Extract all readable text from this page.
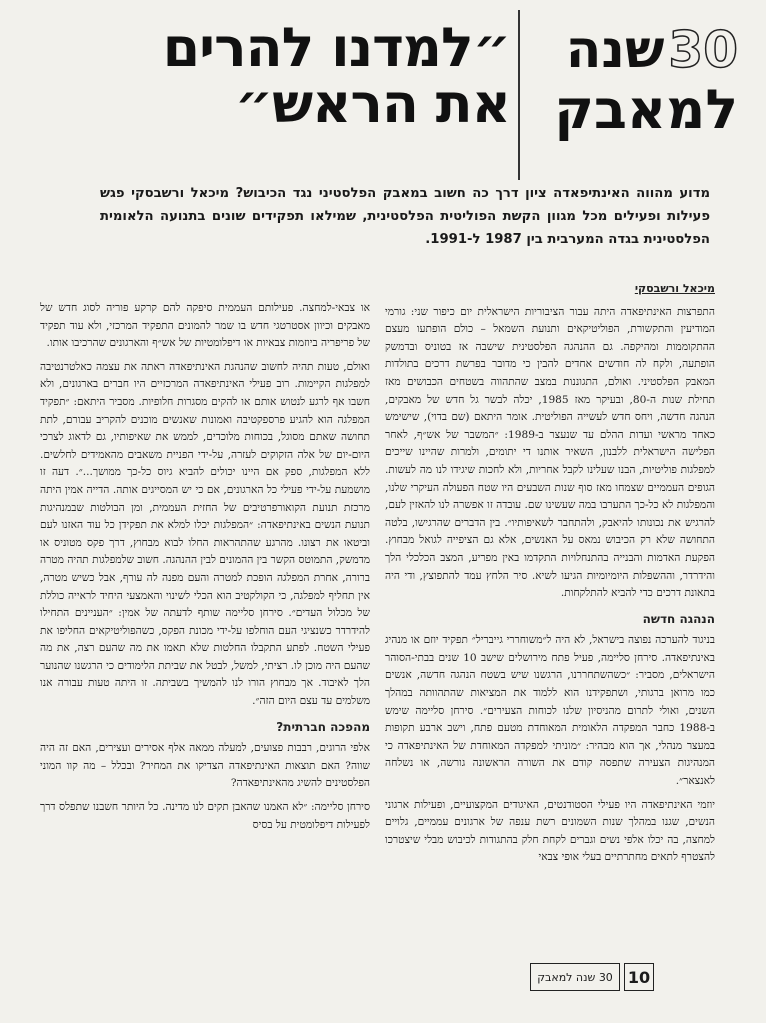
״למדנו להרים
את הראש״
שנה 30
למאבק
מדוע מהווה האינתיפאדה ציון דרך כה חשוב במאבק הפלסטיני נגד הכיבוש? מיכאל ורשבסקי פגש פעילות ופעילים מכל מגוון הקשת הפוליטית הפלסטינית, שמילאו תפקידים שונים בתנועה הלאומית הפלסטינית בגדה המערבית בין 1987 ל-1991.
מיכאל ורשבסקי

התפרצות האינתיפאדה היתה עבור הציבוריות הישראלית יום כיפור שני: גורמי המודיעין והתקשורת, הפוליטיקאים ותנועת השמאל – כולם הופתעו מעצם ההתקוממות ומהיקפה. גם ההנהגה הפלסטינית שישבה אז בטוניס ובדמשק הופתעה, ולקח לה חודשים אחדים להבין כי מדובר בפרשת דרכים בתולדות המאבק הפלסטיני. ואולם, התגוננות במצב שהתהווה בשטחים הכבושים מאז תחילת שנות ה-80, ובעיקר מאז 1985, יכלה לבשר גל חדש של מאבקים, הנהגה חדשה, ויחס חדש לעשייה הפוליטית. אומר היתאם (שם בדוי), שישימש כאחד מראשי ועדות ההלם עד שנעצר ב-1989: ״המשבר של אש״ף, לאחר הפלישה הישראלית ללבנון, השאיר אותנו די יתומים, ולמרות שהיינו שייכים למפלגות פוליטיות, הבנו שעלינו לקבל אחריות, ולא לחכות שיגידו לנו מה לעשות. הגופים העממיים שצמחו מאז סוף שנות השבעים היו שטח הפעולה העיקרי שלנו, והמפלגות לא כל-כך התערבו במה שעשינו שם. עובדה זו אפשרה לנו להאזין לעם, להרגיש את נכונותו להיאבק, ולהתחבר לשאיפותיו״. בין הדברים שהרגישו, בלטה התחושה שלא רק הכיבוש נמאס על האנשים, אלא גם הציפייה לגואל מבחוץ. הפקעת האדמות והבנייה בהתנחלויות התקדמו באין מפריע, המצב הכלכלי הלך והידרדר, וההשפלות היומיומיות הגיעו לשיא. סיר הלחץ עמד להתפוצץ, ודי היה בתאונת דרכים כדי להביא להתלקחות.

הנהגה חדשה

בניגוד להערכה נפוצה בישראל, לא היה ל״משוחררי גייבריל״ תפקיד יוזם או מנהיג באינתיפאדה. סירחן סליימה, פעיל פתח מירושלים שישב 10 שנים בבתי-הסוהר הישראלים, מסביר: ״כשהשתחררנו, הרגשנו שיש בשטח הנהגה חדשה, אנשים כמו מרואן ברגותי, ושתפקידנו הוא ללמוד את המציאות שהתהוותה במהלך השנים, ואולי לתרום מהניסיון שלנו לכוחות הצעירים״. סירחן סליימה שימש ב-1988 כחבר המפקדה הלאומית המאוחדת מטעם פתח, וישב ארבע תקופות במעצר מנהלי, אך הוא מבהיר: ״מוניתי למפקדה המאוחדת של האינתיפאדה כי המנהיגות הצעירה שתפסה קודם את השורה הראשונה גורשה, או נשלחה לאנצאר״.

יוזמי האינתיפאדה היו פעילי הסטודנטים, האיגודים המקצועיים, ופעילות ארגוני הנשים, שגנו במהלך שנות השמונים רשת ענפה של ארגונים עממיים, גלויים למחצה, בה יכלו אלפי נשים וגברים לקחת חלק בהתגודות לכיבוש מבלי שיצטרכו להצטרף לתאים מחתרתיים בעלי אופי צבאי

או צבאי-למחצה. פעילותם העממית סיפקה להם קרקע פוריה לסוג חדש של מאבקים וכיוון אסטרטגי חדש בו שמר להמונים התפקיד המרכזי, ולא עוד תפקיד של פריפריה ביוזמות צבאיות או דיפלומטיות של אש״ף והארגונים שהרכיבו אותו.

ואולם, טעות תהיה לחשוב שהנהגת האינתיפאדה ראתה את עצמה כאלטרנטיבה למפלגות הקיימות. רוב פעילי האינתיפאדה המרכזיים היו חברים בארגונים, ולא חשבו אף לרגע לנטוש אותם או להקים מסגרות חלופיות. מסביר היתאם: ״תפקיד המפלגה הוא להגיע פרספקטיבה ואמונות שאנשים מוכנים להקריב עבורם, לתת תחושה שאתם מסוגל, בכוחות מלוכדים, לממש את שאיפותיו, גם לדאוג לצרכי היום-יום של אלה הזקוקים לעזרה, על-ידי הפניית משאבים מהאמידים לחלשים. ללא המפלגות, ספק אם היינו יכולים להביא גיוס כל-כך ממושך...״. דעה זו מושמעת על-ידי פעילי כל הארגונים, אם כי יש המסייגים אותה. הדייה אמין היתה מרכזת תנועת הקואורפרטיבים של החזית העממית, ומן הבולטות שבמנהיגות תנועת הנשים באינתיפאדה: ״המפלגות יכלו למלא את תפקידן כל עוד האזנו לעם וביטאו את רצונו. מהרגע שהתהראות החלו לבוא מבחוץ, דרך פקס מטוניס או מדמשק, התמוטס הקשר בין ההמונים לבין ההנהגה. חשוב שלמפלגות תהיה מטרה ברורה, אחרת המפלגה הופכת למטרה והעם מפנה לה עורף, אבל כשיש מטרה, אין תחליף למפלגה, כי הקולקטיב הוא הכלי לשינוי והאמצעי היחיד לראייה כוללת של מכלול העדים״. סירחן סליימה שותף לדעתה של אמין: ״העניינים התחילו להידרדר כשנציגי העם הוחלפו על-ידי מכונת הפקס, כשהפוליטיקאים החליפו את פעילי השטח. לפתע התקבלו החלטות שלא תאמו את מה שהעם רצה, את מה שהעם היה מוכן לו. רציתי, למשל, לבטל את שביתת הלימודים כי הרגשנו שהנוער הלך לאיבוד. אך מבחוץ הורו לנו להמשיך בשביתה. זו היתה טעות עבורה אנו משלמים עד עצם היום הזה״.

מהפכה חברתית?

אלפי הרוגים, רבבות פצועים, למעלה ממאה אלף אסירים ועצירים, האם זה היה שווה? האם תוצאות האינתיפאדה הצדיקו את המחיר? ובכלל – מה קוו המוני הפלסטינים להשיג מהאינתיפאדה?

סירחן סליימה: ״לא האמנו שהאבן תקים לנו מדינה. כל היותר חשבנו שתפלס דרך לפעילות דיפלומטית על בסיס

30 שנה למאבק 10
